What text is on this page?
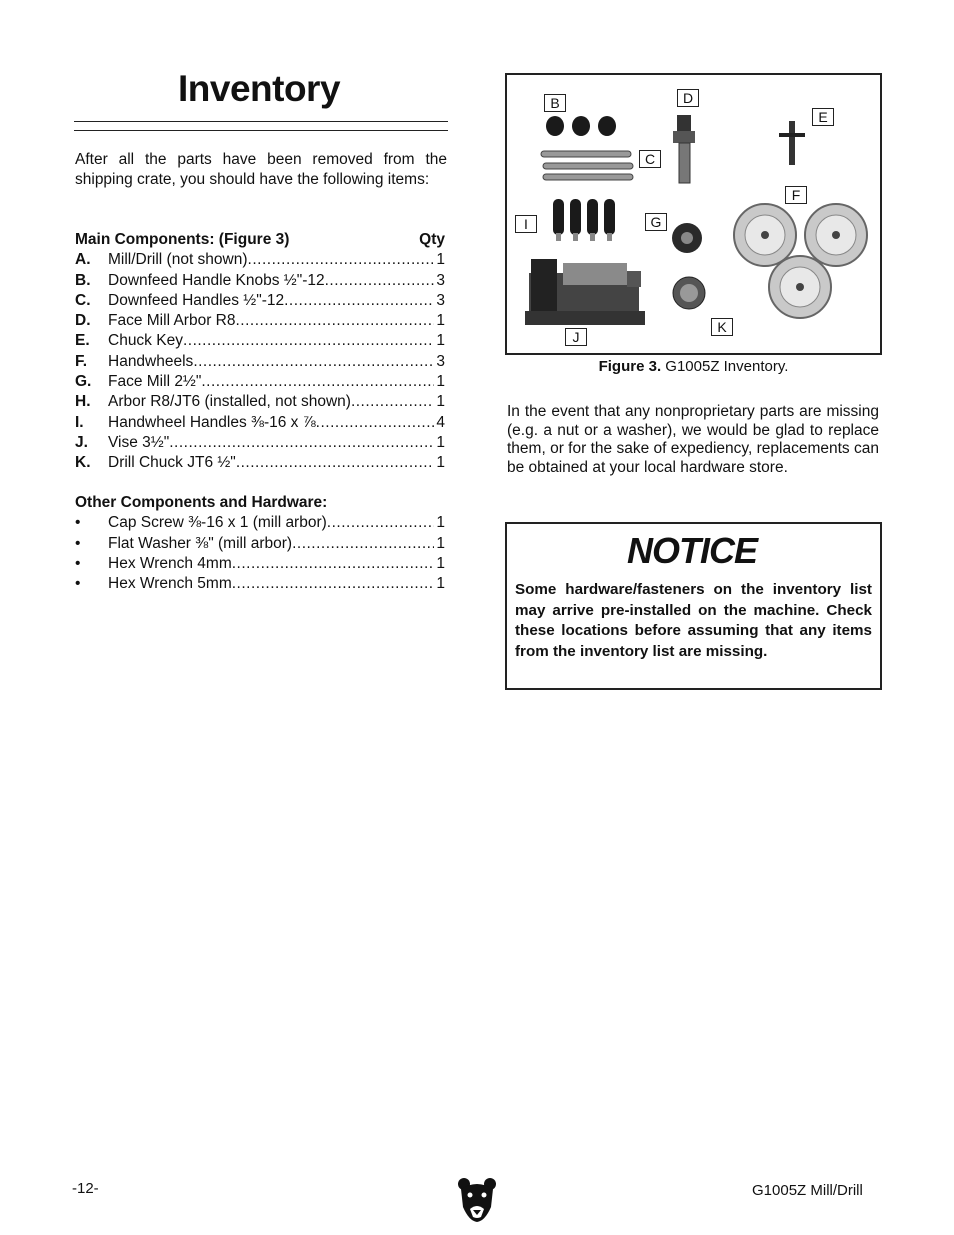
Inventory

After all the parts have been removed from the shipping crate, you should have the following items:

Main Components: (Figure 3)	Qty
A.	Mill/Drill (not shown) .....	1
B.	Downfeed Handle Knobs ½"-12 .....	3
C.	Downfeed Handles ½"-12 .....	3
D.	Face Mill Arbor R8 .....	1
E.	Chuck Key .....	1
F.	Handwheels .....	3
G.	Face Mill 2½" .....	1
H.	Arbor R8/JT6 (installed, not shown) .....	1
I.	Handwheel Handles ⅜-16 x ⅞ .....	4
J.	Vise 3½" .....	1
K.	Drill Chuck JT6 ½" .....	1
Other Components and Hardware:
•	Cap Screw ⅜-16 x 1 (mill arbor) .....	1
•	Flat Washer ⅜" (mill arbor) .....	1
•	Hex Wrench 4mm .....	1
•	Hex Wrench 5mm .....	1
B	D
E
C
F
I	G
K
J
Figure 3. G1005Z Inventory.

In the event that any nonproprietary parts are missing (e.g. a nut or a washer), we would be glad to replace them, or for the sake of expediency, replacements can be obtained at your local hardware store.

NOTICE

Some hardware/fasteners on the inventory list may arrive pre-installed on the machine. Check these locations before assuming that any items from the inventory list are missing.

-12-	G1005Z Mill/Drill
